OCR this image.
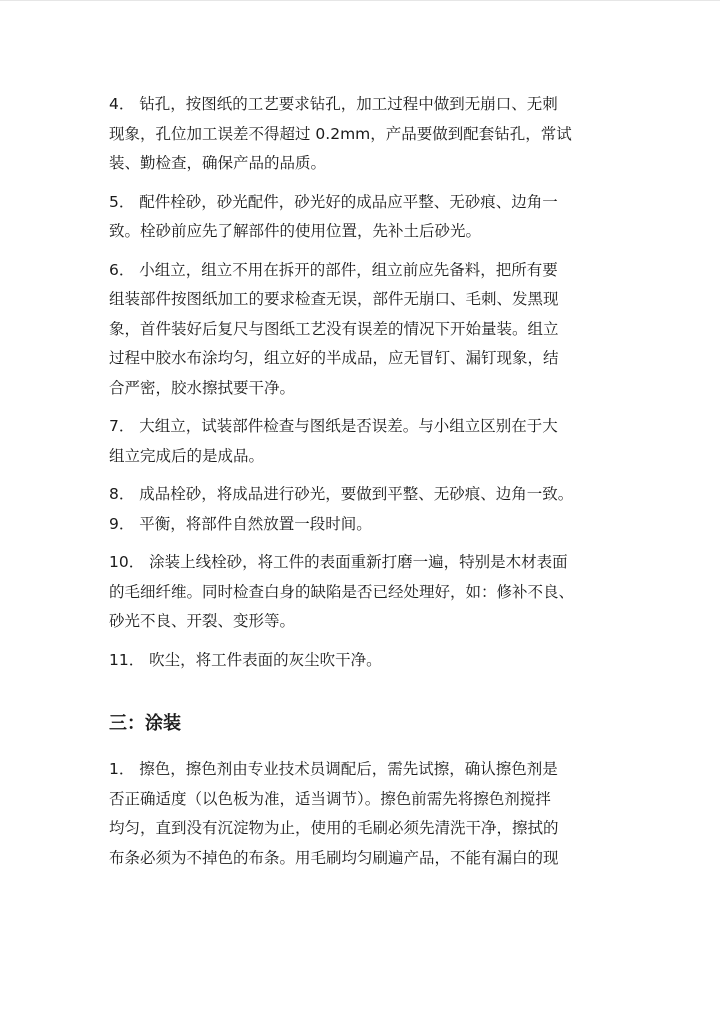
4． 钻孔，按图纸的工艺要求钻孔，加工过程中做到无崩口、无刺
现象，孔位加工误差不得超过 0.2mm，产品要做到配套钻孔，常试
装、勤检查，确保产品的品质。

5． 配件栓砂，砂光配件，砂光好的成品应平整、无砂痕、边角一
致。栓砂前应先了解部件的使用位置，先补土后砂光。

6． 小组立，组立不用在拆开的部件，组立前应先备料，把所有要
组装部件按图纸加工的要求检查无误，部件无崩口、毛刺、发黑现
象，首件装好后复尺与图纸工艺没有误差的情况下开始量装。组立
过程中胶水布涂均匀，组立好的半成品，应无冒钉、漏钉现象，结
合严密，胶水擦拭要干净。

7． 大组立，试装部件检查与图纸是否误差。与小组立区别在于大
组立完成后的是成品。

8． 成品栓砂，将成品进行砂光，要做到平整、无砂痕、边角一致。

9． 平衡，将部件自然放置一段时间。

10． 涂装上线栓砂，将工件的表面重新打磨一遍，特别是木材表面
的毛细纤维。同时检查白身的缺陷是否已经处理好，如：修补不良、
砂光不良、开裂、变形等。

11． 吹尘，将工件表面的灰尘吹干净。

三：涂装

1． 擦色，擦色剂由专业技术员调配后，需先试擦，确认擦色剂是
否正确适度（以色板为准，适当调节）。擦色前需先将擦色剂搅拌
均匀，直到没有沉淀物为止，使用的毛刷必须先清洗干净，擦拭的
布条必须为不掉色的布条。用毛刷均匀刷遍产品，不能有漏白的现
